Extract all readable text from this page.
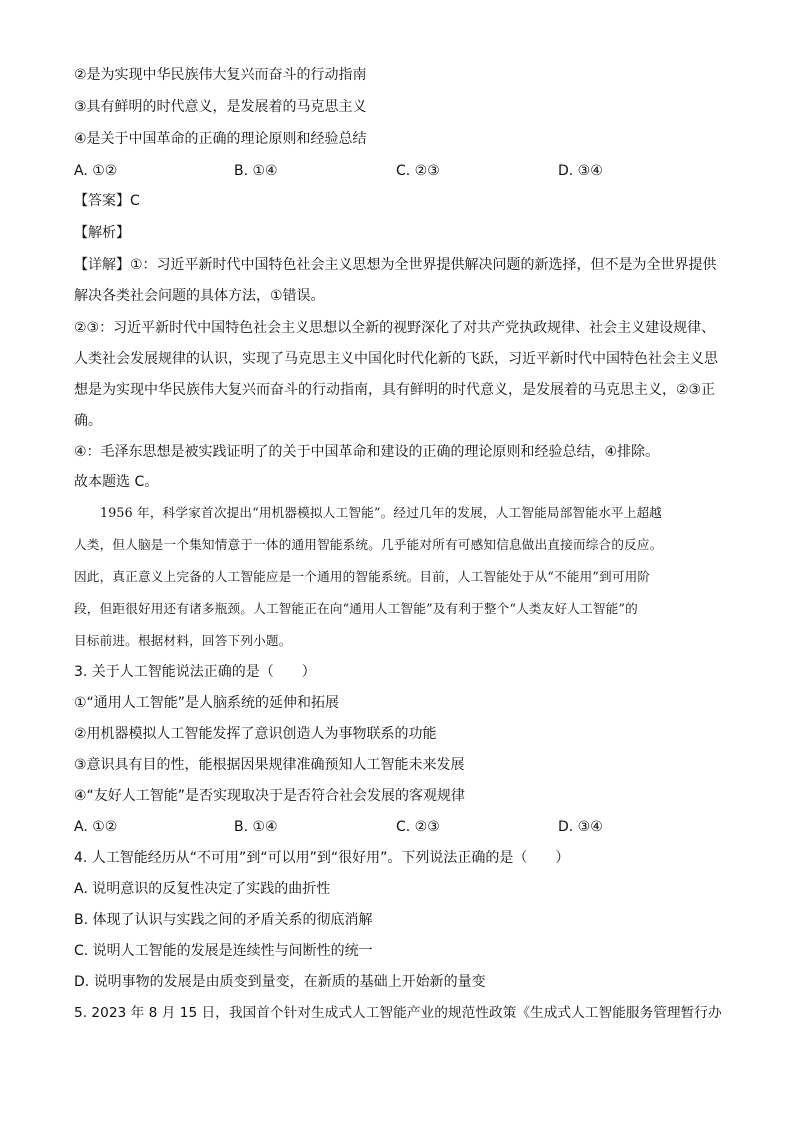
②是为实现中华民族伟大复兴而奋斗的行动指南
③具有鲜明的时代意义，是发展着的马克思主义
④是关于中国革命的正确的理论原则和经验总结
A. ①②	B. ①④	C. ②③	D. ③④
【答案】C
【解析】
【详解】①：习近平新时代中国特色社会主义思想为全世界提供解决问题的新选择，但不是为全世界提供
解决各类社会问题的具体方法，①错误。
②③：习近平新时代中国特色社会主义思想以全新的视野深化了对共产党执政规律、社会主义建设规律、
人类社会发展规律的认识，实现了马克思主义中国化时代化新的飞跃，习近平新时代中国特色社会主义思
想是为实现中华民族伟大复兴而奋斗的行动指南，具有鲜明的时代意义，是发展着的马克思主义，②③正
确。
④：毛泽东思想是被实践证明了的关于中国革命和建设的正确的理论原则和经验总结，④排除。
故本题选 C。
1956 年，科学家首次提出“用机器模拟人工智能”。经过几年的发展，人工智能局部智能水平上超越
人类，但人脑是一个集知情意于一体的通用智能系统。几乎能对所有可感知信息做出直接而综合的反应。
因此，真正意义上完备的人工智能应是一个通用的智能系统。目前，人工智能处于从“不能用”到可用阶
段，但距很好用还有诸多瓶颈。人工智能正在向“通用人工智能”及有利于整个“人类友好人工智能”的
目标前进。根据材料，回答下列小题。
3. 关于人工智能说法正确的是（　　）
①“通用人工智能”是人脑系统的延伸和拓展
②用机器模拟人工智能发挥了意识创造人为事物联系的功能
③意识具有目的性，能根据因果规律准确预知人工智能未来发展
④“友好人工智能”是否实现取决于是否符合社会发展的客观规律
A. ①②	B. ①④	C. ②③	D. ③④
4. 人工智能经历从“不可用”到“可以用”到“很好用”。下列说法正确的是（　　）
A. 说明意识的反复性决定了实践的曲折性
B. 体现了认识与实践之间的矛盾关系的彻底消解
C. 说明人工智能的发展是连续性与间断性的统一
D. 说明事物的发展是由质变到量变，在新质的基础上开始新的量变
5. 2023 年 8 月 15 日，我国首个针对生成式人工智能产业的规范性政策《生成式人工智能服务管理暂行办
